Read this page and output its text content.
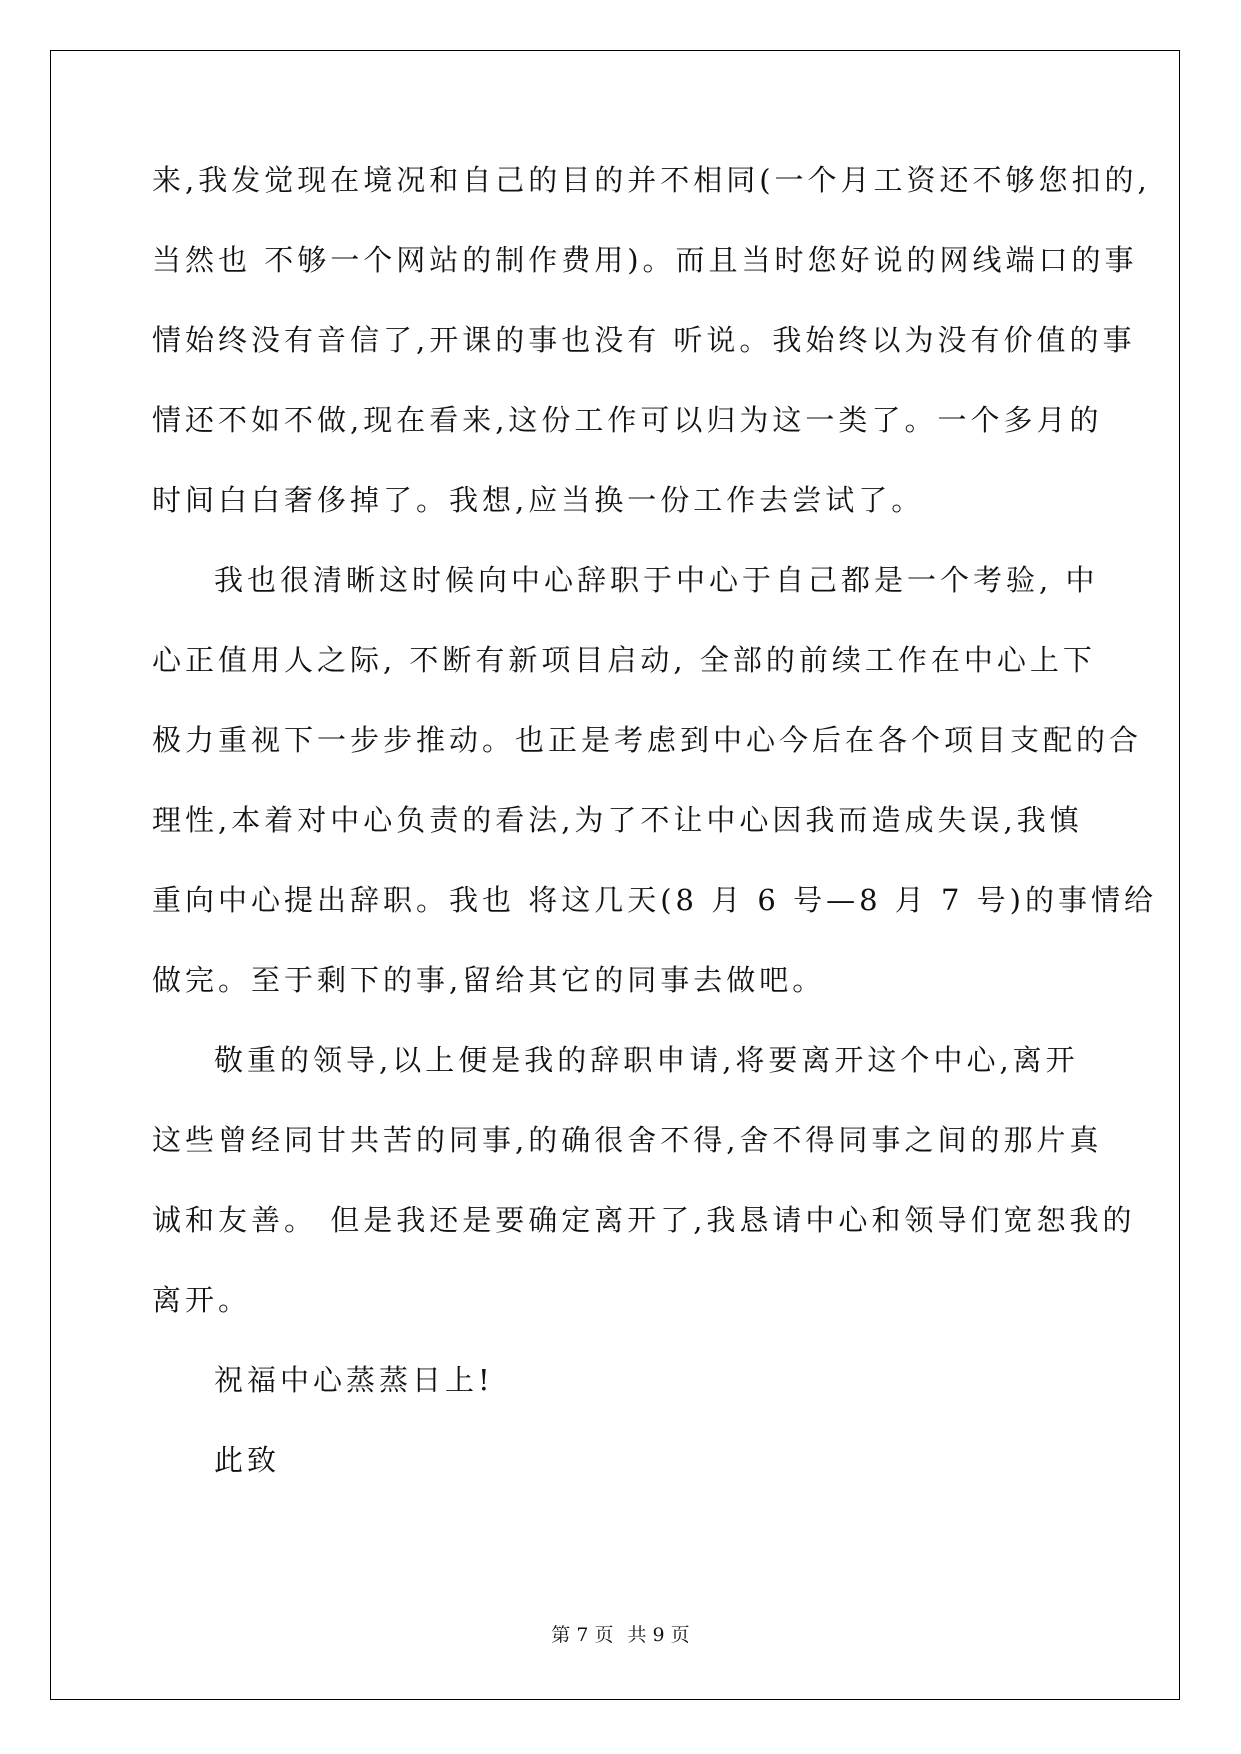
来,我发觉现在境况和自己的目的并不相同(一个月工资还不够您扣的,
当然也 不够一个网站的制作费用)。而且当时您好说的网线端口的事
情始终没有音信了,开课的事也没有 听说。我始终以为没有价值的事
情还不如不做,现在看来,这份工作可以归为这一类了。一个多月的
时间白白奢侈掉了。我想,应当换一份工作去尝试了。
我也很清晰这时候向中心辞职于中心于自己都是一个考验, 中
心正值用人之际, 不断有新项目启动, 全部的前续工作在中心上下
极力重视下一步步推动。也正是考虑到中心今后在各个项目支配的合
理性,本着对中心负责的看法,为了不让中心因我而造成失误,我慎
重向中心提出辞职。我也 将这几天(8 月 6 号—8 月 7 号)的事情给
做完。至于剩下的事,留给其它的同事去做吧。
敬重的领导,以上便是我的辞职申请,将要离开这个中心,离开
这些曾经同甘共苦的同事,的确很舍不得,舍不得同事之间的那片真
诚和友善。 但是我还是要确定离开了,我恳请中心和领导们宽恕我的
离开。
祝福中心蒸蒸日上!
此致
第 7 页 共 9 页
